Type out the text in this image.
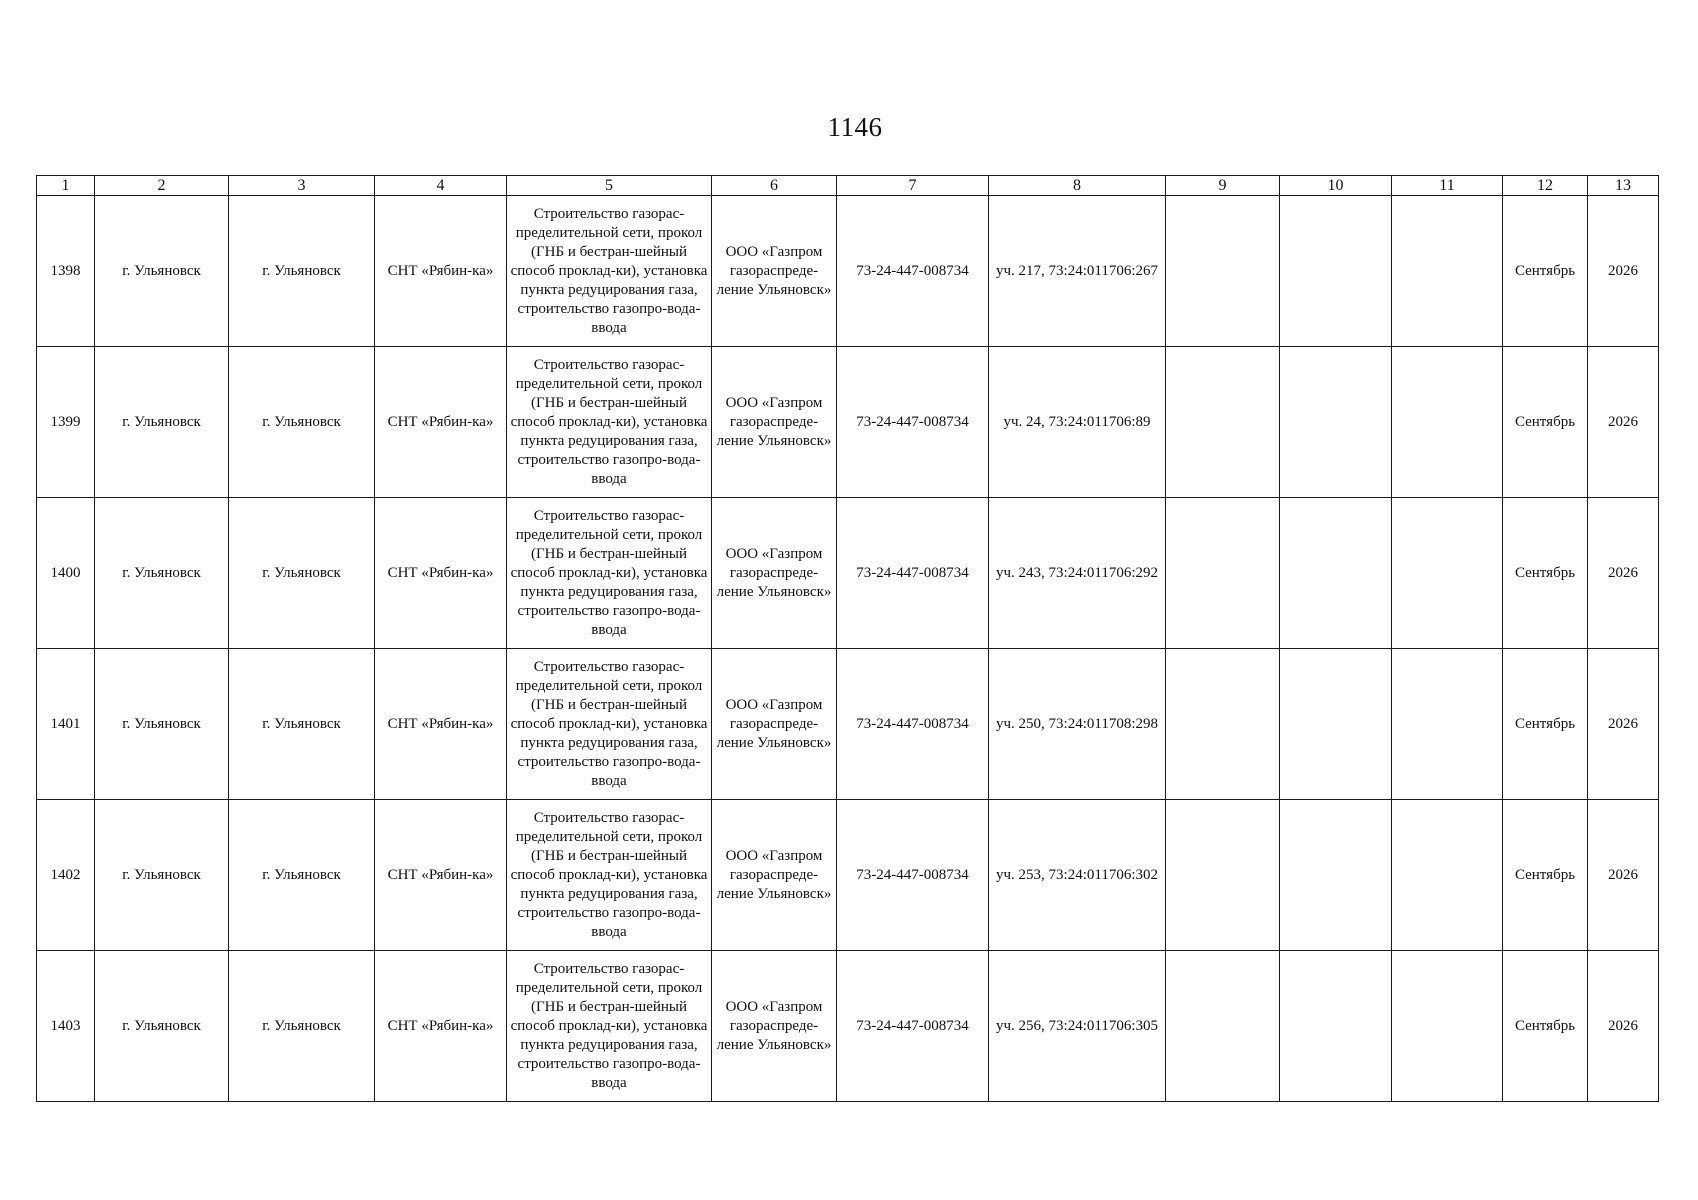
1146
1	2	3	4	5	6	7	8	9	10	11	12	13
1398	г. Ульяновск	г. Ульяновск	СНТ «Рябин-ка»	Строительство газорас-пределительной сети, прокол (ГНБ и бестран-шейный способ проклад-ки), установка пункта редуцирования газа, строительство газопро-вода-ввода	ООО «Газпром газораспреде-ление Ульяновск»	73-24-447-008734	уч. 217, 73:24:011706:267				Сентябрь	2026
1399	г. Ульяновск	г. Ульяновск	СНТ «Рябин-ка»	Строительство газорас-пределительной сети, прокол (ГНБ и бестран-шейный способ проклад-ки), установка пункта редуцирования газа, строительство газопро-вода-ввода	ООО «Газпром газораспреде-ление Ульяновск»	73-24-447-008734	уч. 24, 73:24:011706:89				Сентябрь	2026
1400	г. Ульяновск	г. Ульяновск	СНТ «Рябин-ка»	Строительство газорас-пределительной сети, прокол (ГНБ и бестран-шейный способ проклад-ки), установка пункта редуцирования газа, строительство газопро-вода-ввода	ООО «Газпром газораспреде-ление Ульяновск»	73-24-447-008734	уч. 243, 73:24:011706:292				Сентябрь	2026
1401	г. Ульяновск	г. Ульяновск	СНТ «Рябин-ка»	Строительство газорас-пределительной сети, прокол (ГНБ и бестран-шейный способ проклад-ки), установка пункта редуцирования газа, строительство газопро-вода-ввода	ООО «Газпром газораспреде-ление Ульяновск»	73-24-447-008734	уч. 250, 73:24:011708:298				Сентябрь	2026
1402	г. Ульяновск	г. Ульяновск	СНТ «Рябин-ка»	Строительство газорас-пределительной сети, прокол (ГНБ и бестран-шейный способ проклад-ки), установка пункта редуцирования газа, строительство газопро-вода-ввода	ООО «Газпром газораспреде-ление Ульяновск»	73-24-447-008734	уч. 253, 73:24:011706:302				Сентябрь	2026
1403	г. Ульяновск	г. Ульяновск	СНТ «Рябин-ка»	Строительство газорас-пределительной сети, прокол (ГНБ и бестран-шейный способ проклад-ки), установка пункта редуцирования газа, строительство газопро-вода-ввода	ООО «Газпром газораспреде-ление Ульяновск»	73-24-447-008734	уч. 256, 73:24:011706:305				Сентябрь	2026
